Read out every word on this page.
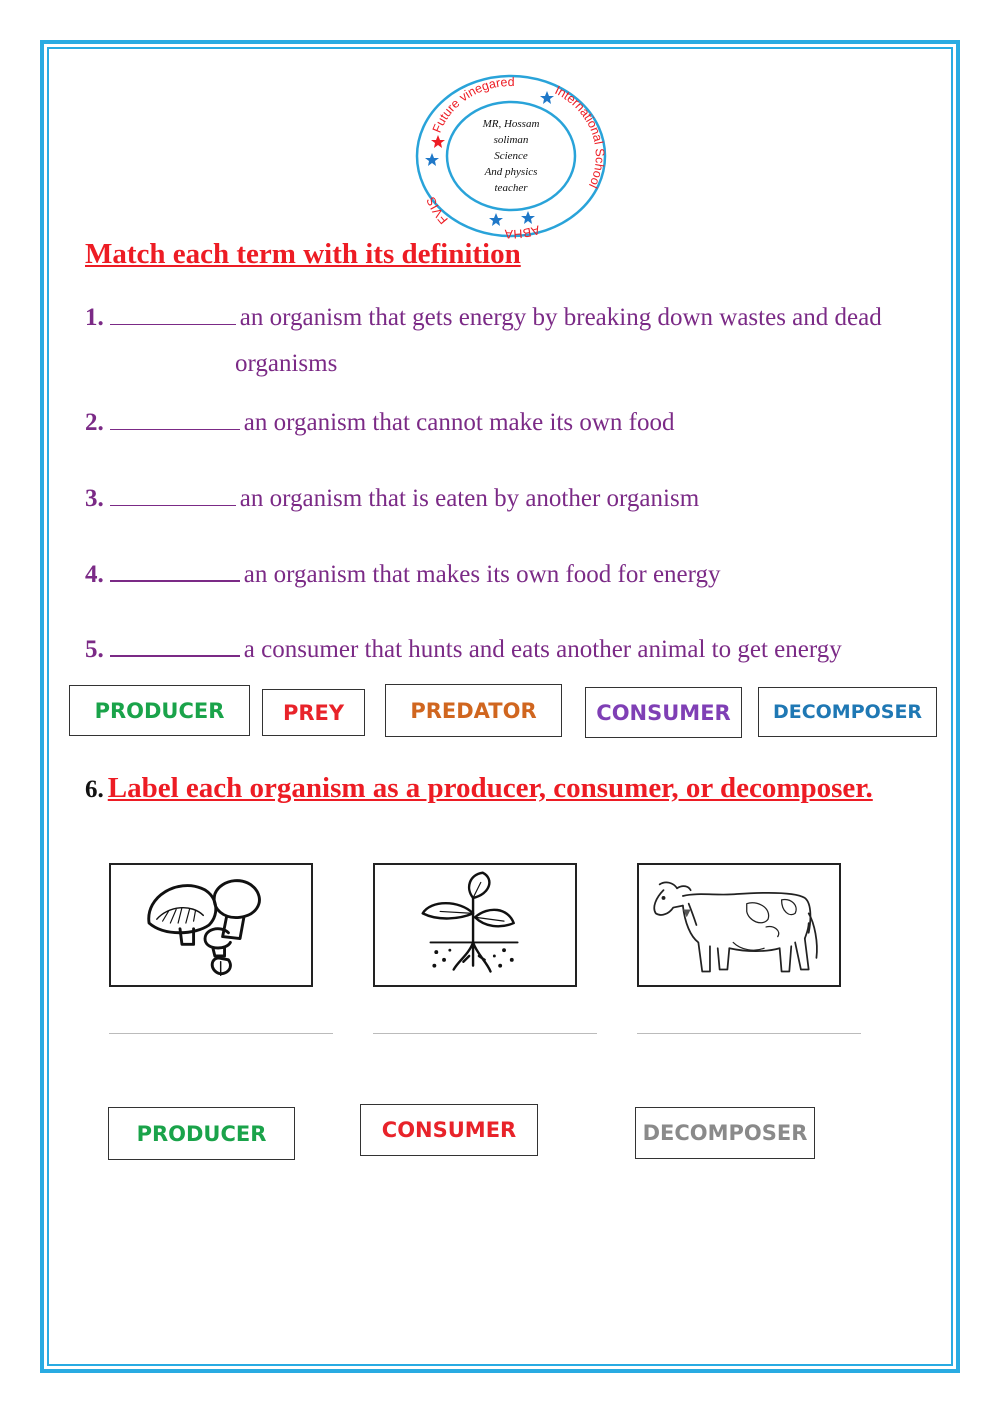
Future vinegared
International School
ABHA
FVIS
MR, Hossam
soliman
Science
And physics
teacher
Match each term with its definition

1.	an organism that gets energy by breaking down wastes and dead

organisms

2.	an organism that cannot make its own food

3.	an organism that is eaten by another organism

4.	an organism that makes its own food for energy

5.	a consumer that hunts and eats another animal to get energy

PRODUCER	PREY	PREDATOR	CONSUMER	DECOMPOSER

6. Label each organism as a producer, consumer, or decomposer.

PRODUCER	CONSUMER	DECOMPOSER
